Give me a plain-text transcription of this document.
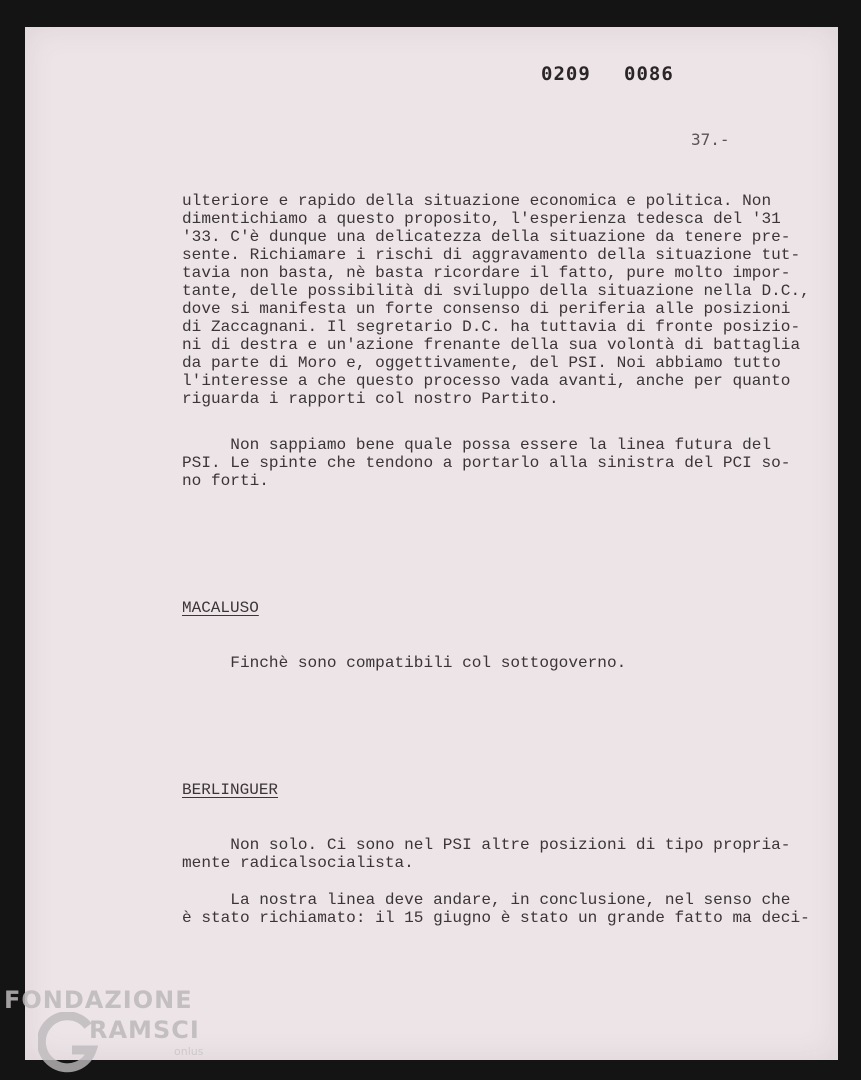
0209 0086
37.-
ulteriore e rapido della situazione economica e politica. Non
dimentichiamo a questo proposito, l'esperienza tedesca del '31
'33. C'è dunque una delicatezza della situazione da tenere pre-
sente. Richiamare i rischi di aggravamento della situazione tut-
tavia non basta, nè basta ricordare il fatto, pure molto impor-
tante, delle possibilità di sviluppo della situazione nella D.C.,
dove si manifesta un forte consenso di periferia alle posizioni
di Zaccagnani. Il segretario D.C. ha tuttavia di fronte posizio-
ni di destra e un'azione frenante della sua volontà di battaglia
da parte di Moro e, oggettivamente, del PSI. Noi abbiamo tutto
l'interesse a che questo processo vada avanti, anche per quanto
riguarda i rapporti col nostro Partito.
Non sappiamo bene quale possa essere la linea futura del
PSI. Le spinte che tendono a portarlo alla sinistra del PCI so-
no forti.
MACALUSO
Finchè sono compatibili col sottogoverno.
BERLINGUER
Non solo. Ci sono nel PSI altre posizioni di tipo propria-
mente radicalsocialista.
La nostra linea deve andare, in conclusione, nel senso che
è stato richiamato: il 15 giugno è stato un grande fatto ma deci-
FONDAZIONE
RAMSCI
onlus
